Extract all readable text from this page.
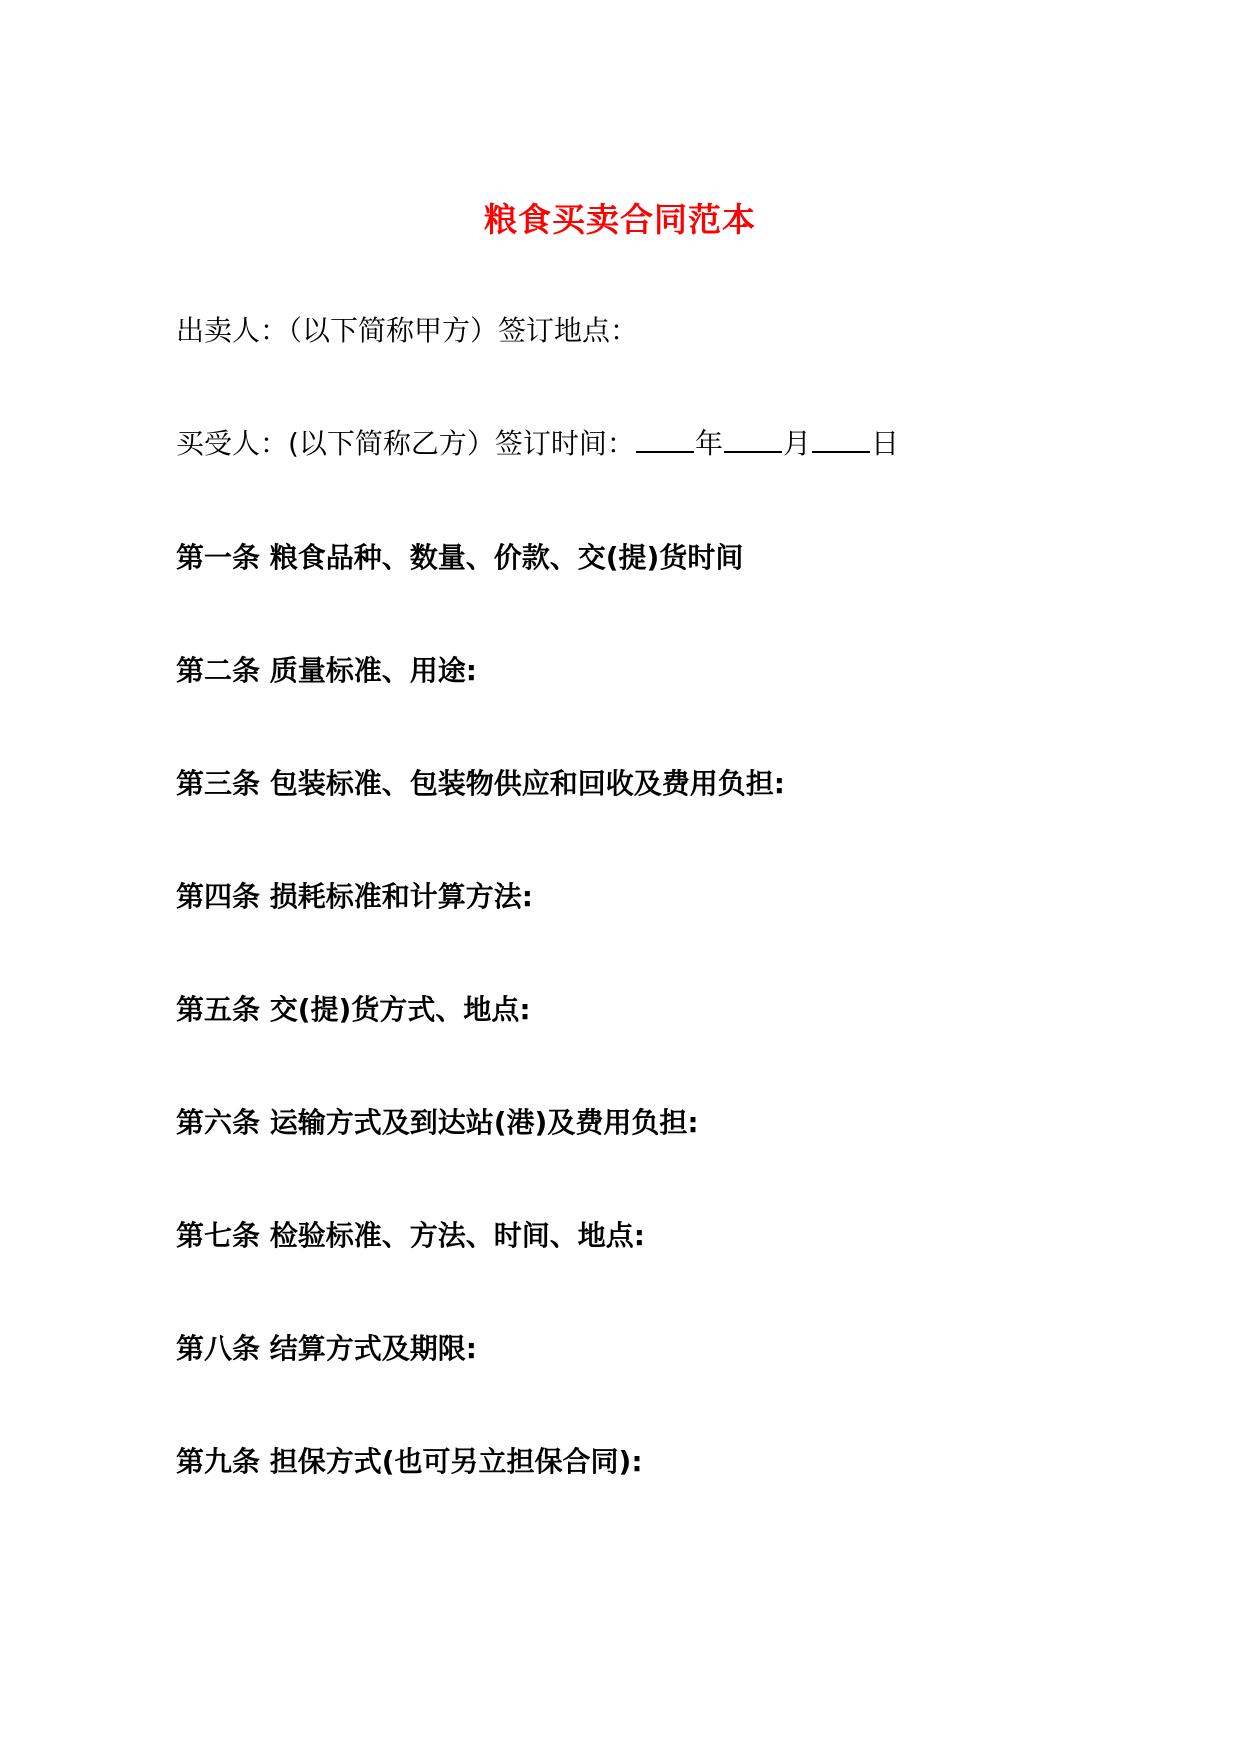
粮食买卖合同范本
出卖人：（以下简称甲方）签订地点：
买受人：(以下简称乙方）签订时间： 年 月 日
第一条 粮食品种、数量、价款、交(提)货时间
第二条 质量标准、用途:
第三条 包装标准、包装物供应和回收及费用负担:
第四条 损耗标准和计算方法:
第五条 交(提)货方式、地点:
第六条 运输方式及到达站(港)及费用负担:
第七条 检验标准、方法、时间、地点:
第八条 结算方式及期限:
第九条 担保方式(也可另立担保合同):
